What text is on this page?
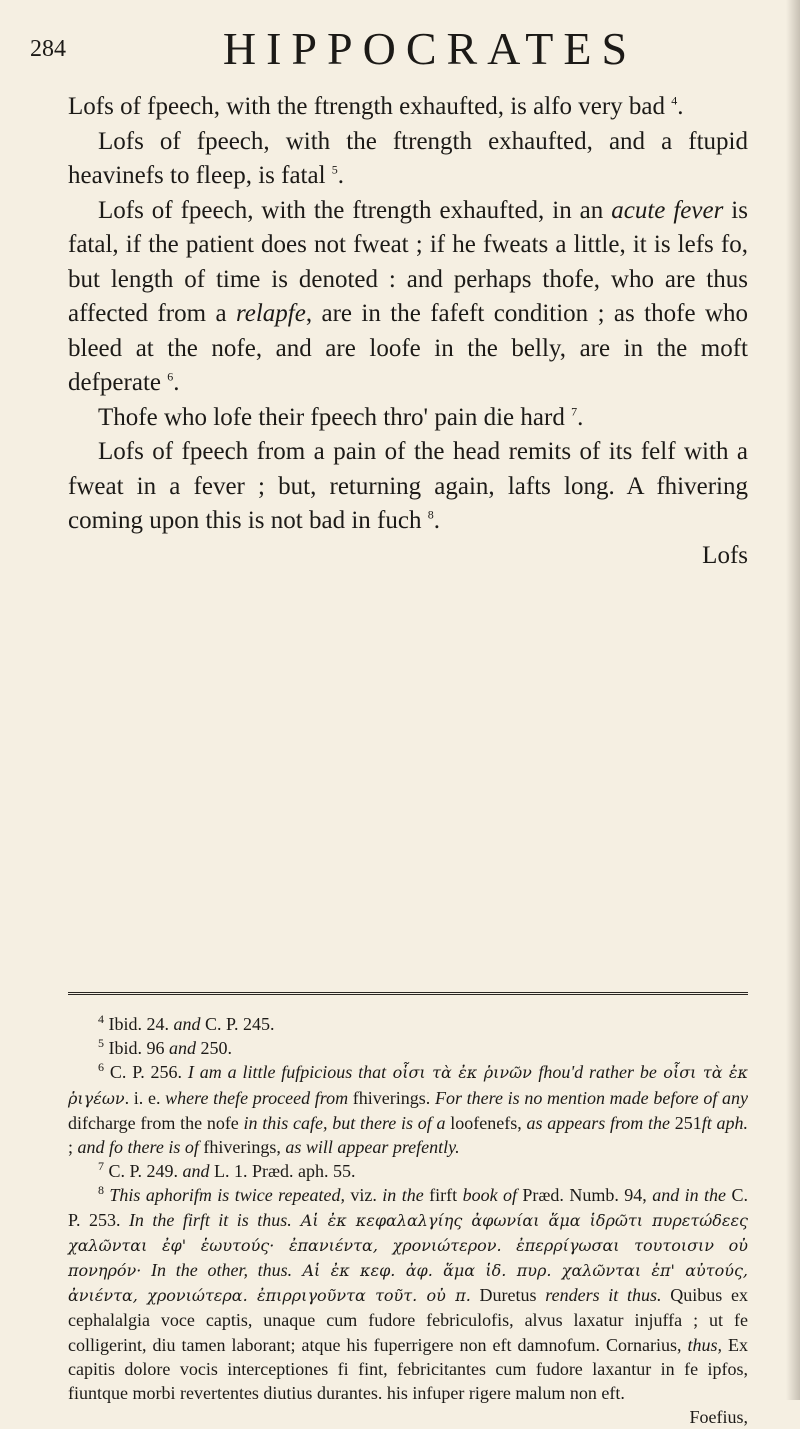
284	HIPPOCRATES

Lofs of fpeech, with the ftrength exhaufted, is alfo very bad $^4$.

Lofs of fpeech, with the ftrength exhaufted, and a ftupid heavinefs to fleep, is fatal $^5$.

Lofs of fpeech, with the ftrength exhaufted, in an acute fever is fatal, if the patient does not fweat ; if he fweats a little, it is lefs fo, but length of time is denoted : and perhaps thofe, who are thus affected from a relapfe, are in the fafeft condition ; as thofe who bleed at the nofe, and are loofe in the belly, are in the moft defperate $^6$.

Thofe who lofe their fpeech thro' pain die hard $^7$.

Lofs of fpeech from a pain of the head remits of its felf with a fweat in a fever ; but, returning again, lafts long. A fhivering coming upon this is not bad in fuch $^8$.

Lofs

$^4$ Ibid. 24. and C. P. 245.

$^5$ Ibid. 96 and 250.

$^6$ C. P. 256. I am a little fufpicious that οἷσι τὰ ἐκ ῥινῶν fhou'd rather be οἷσι τὰ ἐκ ῥιγέων. i. e. where thefe proceed from fhiverings. For there is no mention made before of any difcharge from the nofe in this cafe, but there is of a loofenefs, as appears from the 251ft aph. ; and fo there is of fhiverings, as will appear prefently.

$^7$ C. P. 249. and L. 1. Præd. aph. 55.

$^8$ This aphorifm is twice repeated, viz. in the firft book of Præd. Numb. 94, and in the C. P. 253. In the firft it is thus. Αἱ ἐκ κεφαλαλγίης ἀφωνίαι ἅμα ἱδρῶτι πυρετώδεες χαλῶνται ἐφ' ἑωυτούς· ἐπανιέντα, χρονιώτερον. ἐπερρίγωσαι τουτοισιν οὐ πονηρόν· In the other, thus. Αἱ ἐκ κεφ. ἀφ. ἅμα ἱδ. πυρ. χαλῶνται ἐπ' αὐτούς, ἀνιέντα, χρονιώτερα. ἐπιρριγοῦντα τοῦτ. οὐ π. Duretus renders it thus. Quibus ex cephalalgia voce captis, unaque cum fudore febriculofis, alvus laxatur injuffa ; ut fe colligerint, diu tamen laborant; atque his fuperrigere non eft damnofum. Cornarius, thus, Ex capitis dolore vocis interceptiones fi fint, febricitantes cum fudore laxantur in fe ipfos, fiuntque morbi revertentes diutius durantes. his infuper rigere malum non eft.

Foefius,
